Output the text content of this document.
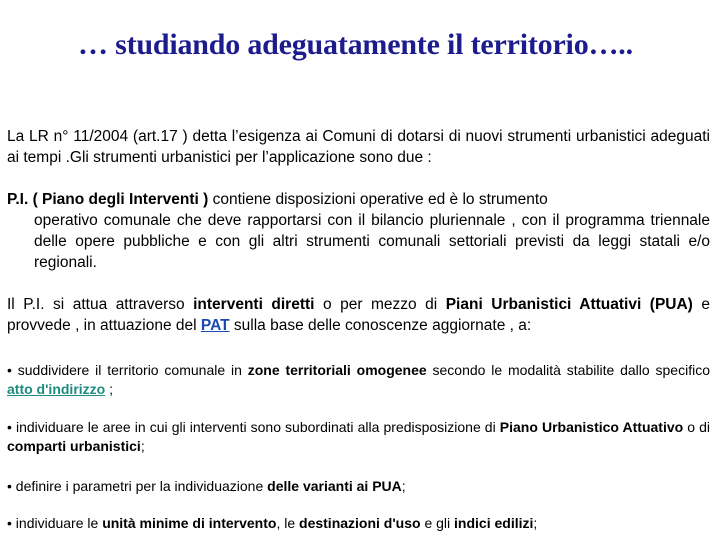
… studiando adeguatamente il territorio…..

La LR n° 11/2004 (art.17 ) detta l’esigenza ai Comuni di dotarsi di nuovi strumenti urbanistici adeguati ai tempi .Gli strumenti urbanistici per l’applicazione sono due :

P.I. ( Piano degli Interventi ) contiene disposizioni operative ed è lo strumento
operativo comunale che deve rapportarsi con il bilancio pluriennale , con il programma triennale delle opere pubbliche e con gli altri strumenti comunali settoriali previsti da leggi statali e/o regionali.

Il P.I. si attua attraverso interventi diretti o per mezzo di Piani Urbanistici Attuativi (PUA) e provvede , in attuazione del PAT sulla base delle conoscenze aggiornate , a:

• suddividere il territorio comunale in zone territoriali omogenee secondo le modalità stabilite dallo specifico atto d'indirizzo ;

• individuare le aree in cui gli interventi sono subordinati alla predisposizione di Piano Urbanistico Attuativo o di comparti urbanistici;

• definire i parametri per la individuazione delle varianti ai PUA;

• individuare le unità minime di intervento, le destinazioni d'uso e gli indici edilizi;
